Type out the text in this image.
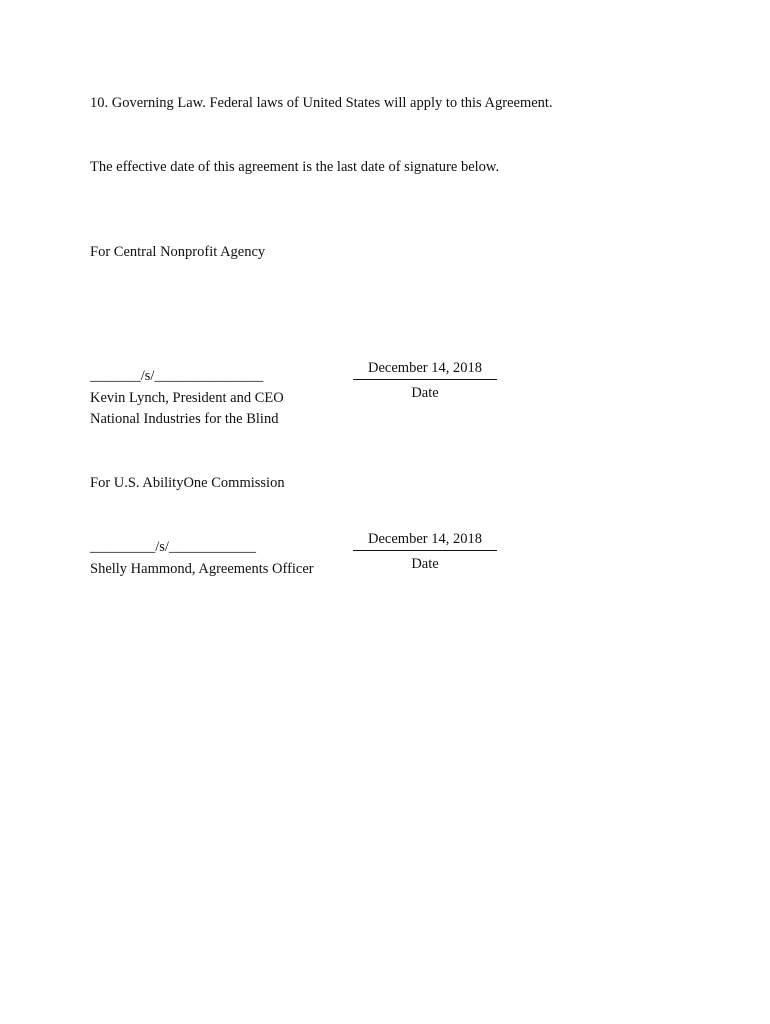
10. Governing Law. Federal laws of United States will apply to this Agreement.
The effective date of this agreement is the last date of signature below.
For Central Nonprofit Agency
_______/s/_______________
Kevin Lynch, President and CEO
National Industries for the Blind
December 14, 2018
Date
For U.S. AbilityOne Commission
_________/s/____________
Shelly Hammond, Agreements Officer
December 14, 2018
Date
